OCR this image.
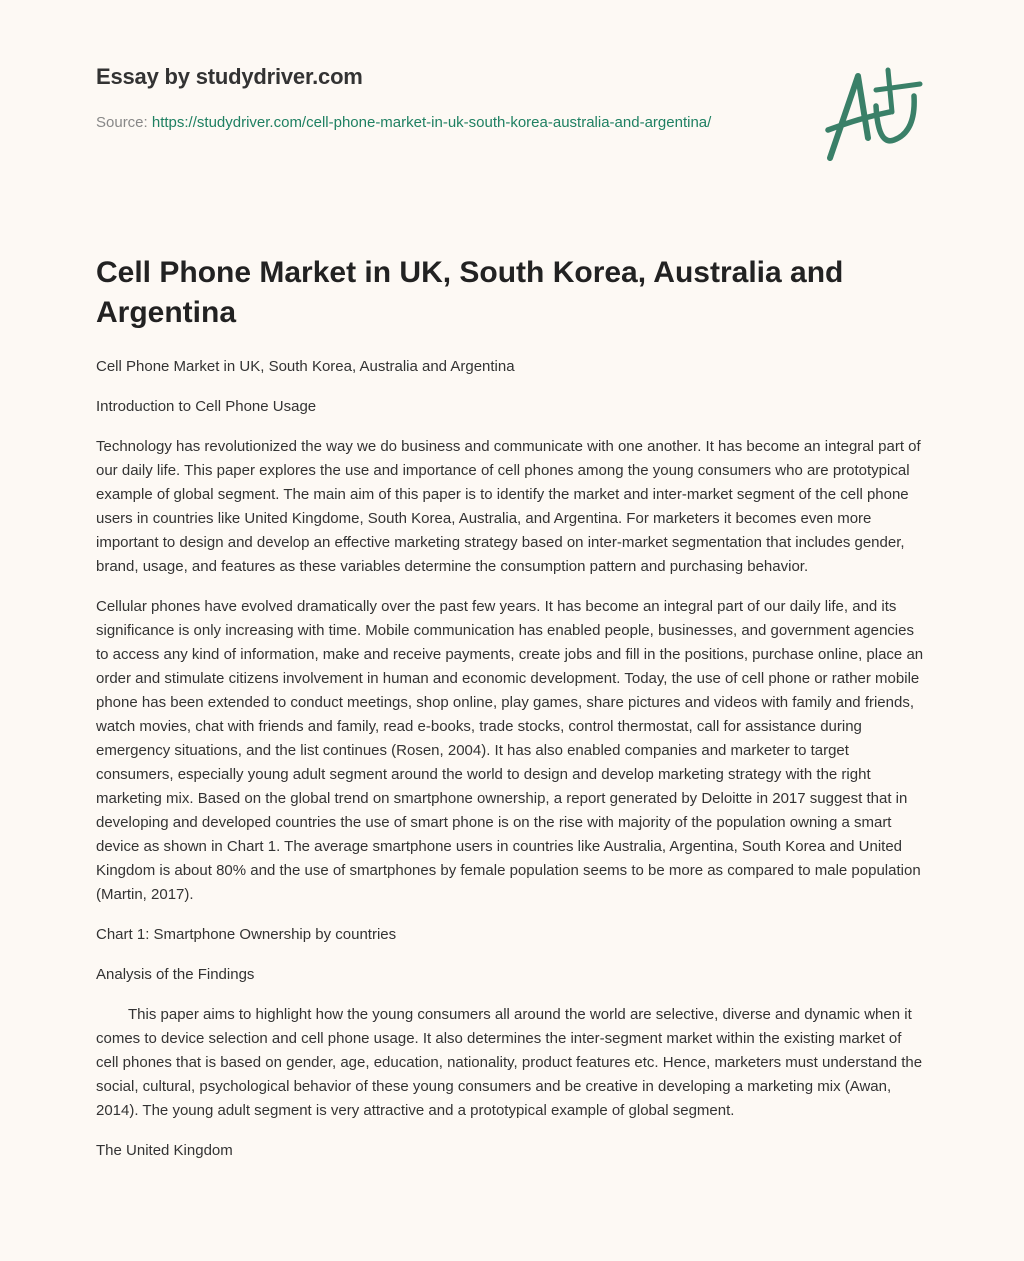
Essay by studydriver.com
Source: https://studydriver.com/cell-phone-market-in-uk-south-korea-australia-and-argentina/
Cell Phone Market in UK, South Korea, Australia and Argentina

Cell Phone Market in UK, South Korea, Australia and Argentina

Introduction to Cell Phone Usage

Technology has revolutionized the way we do business and communicate with one another. It has become an integral part of our daily life. This paper explores the use and importance of cell phones among the young consumers who are prototypical example of global segment. The main aim of this paper is to identify the market and inter-market segment of the cell phone users in countries like United Kingdome, South Korea, Australia, and Argentina. For marketers it becomes even more important to design and develop an effective marketing strategy based on inter-market segmentation that includes gender, brand, usage, and features as these variables determine the consumption pattern and purchasing behavior.

Cellular phones have evolved dramatically over the past few years. It has become an integral part of our daily life, and its significance is only increasing with time. Mobile communication has enabled people, businesses, and government agencies to access any kind of information, make and receive payments, create jobs and fill in the positions, purchase online, place an order and stimulate citizens involvement in human and economic development. Today, the use of cell phone or rather mobile phone has been extended to conduct meetings, shop online, play games, share pictures and videos with family and friends, watch movies, chat with friends and family, read e-books, trade stocks, control thermostat, call for assistance during emergency situations, and the list continues (Rosen, 2004). It has also enabled companies and marketer to target consumers, especially young adult segment around the world to design and develop marketing strategy with the right marketing mix. Based on the global trend on smartphone ownership, a report generated by Deloitte in 2017 suggest that in developing and developed countries the use of smart phone is on the rise with majority of the population owning a smart device as shown in Chart 1. The average smartphone users in countries like Australia, Argentina, South Korea and United Kingdom is about 80% and the use of smartphones by female population seems to be more as compared to male population (Martin, 2017).

Chart 1: Smartphone Ownership by countries

Analysis of the Findings

This paper aims to highlight how the young consumers all around the world are selective, diverse and dynamic when it comes to device selection and cell phone usage. It also determines the inter-segment market within the existing market of cell phones that is based on gender, age, education, nationality, product features etc. Hence, marketers must understand the social, cultural, psychological behavior of these young consumers and be creative in developing a marketing mix (Awan, 2014). The young adult segment is very attractive and a prototypical example of global segment.

The United Kingdom
